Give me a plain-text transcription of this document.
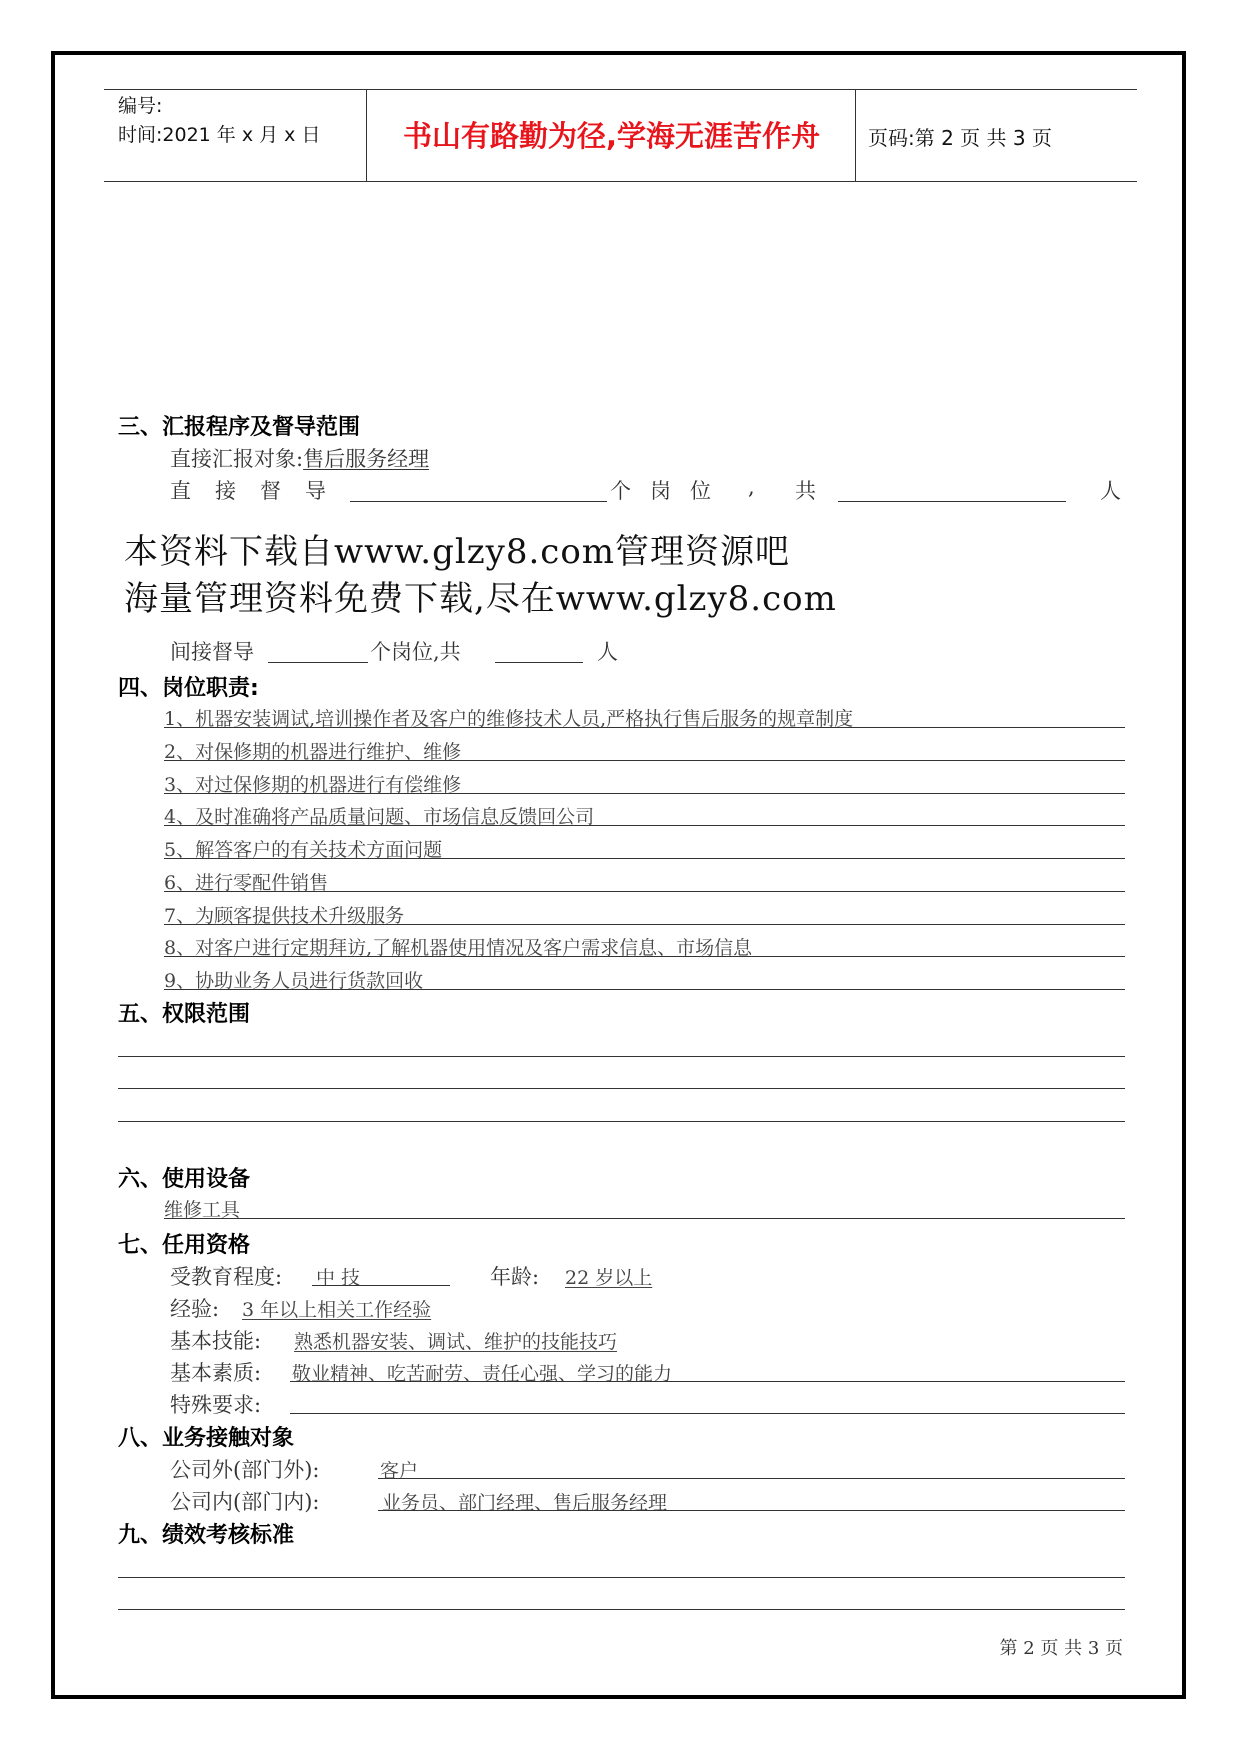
编号:
时间:2021 年 x 月 x 日	书山有路勤为径,学海无涯苦作舟	页码:第 2 页 共 3 页
三、汇报程序及督导范围
直接汇报对象:售后服务经理
直 接 督 导	个 岗 位 , 共	人
本资料下载自www.glzy8.com管理资源吧
海量管理资料免费下载,尽在www.glzy8.com
间接督导	个岗位,共	人
四、岗位职责:
1、机器安装调试,培训操作者及客户的维修技术人员,严格执行售后服务的规章制度
2、对保修期的机器进行维护、维修
3、对过保修期的机器进行有偿维修
4、及时准确将产品质量问题、市场信息反馈回公司
5、解答客户的有关技术方面问题
6、进行零配件销售
7、为顾客提供技术升级服务
8、对客户进行定期拜访,了解机器使用情况及客户需求信息、市场信息
9、协助业务人员进行货款回收
五、权限范围
六、使用设备
维修工具
七、任用资格
受教育程度: 中 技	年龄: 22 岁以上
经验: 3 年以上相关工作经验
基本技能: 熟悉机器安装、调试、维护的技能技巧
基本素质: 敬业精神、吃苦耐劳、责任心强、学习的能力
特殊要求:
八、业务接触对象
公司外(部门外):	客户
公司内(部门内):	业务员、部门经理、售后服务经理
九、绩效考核标准
第 2 页 共 3 页
